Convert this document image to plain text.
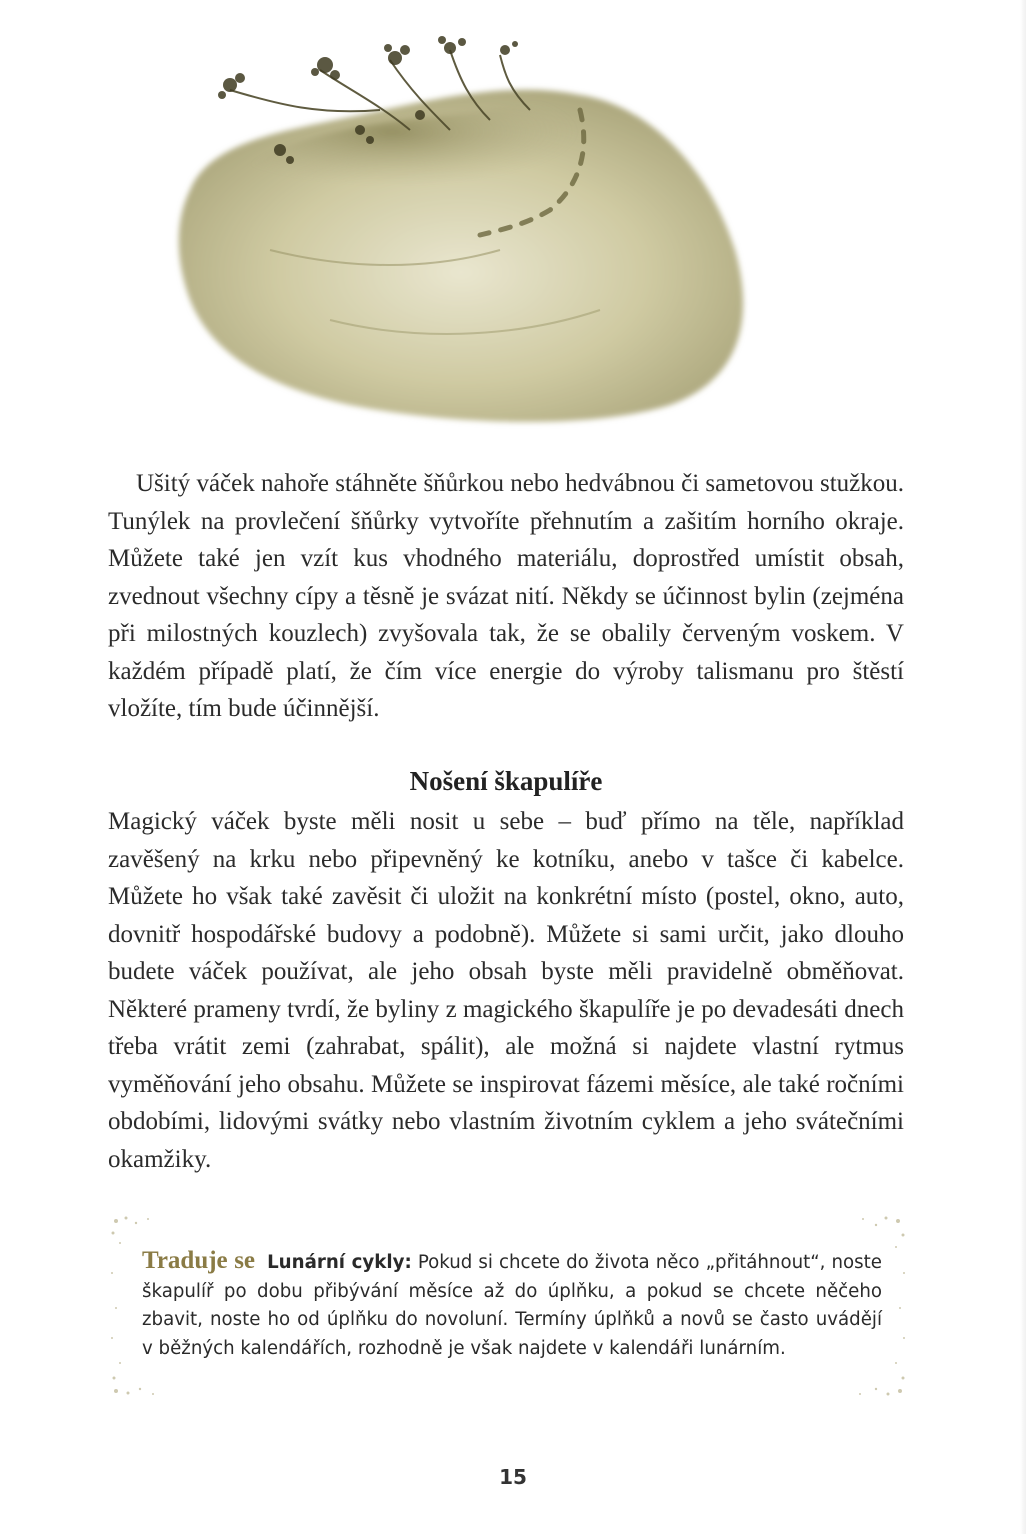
Ušitý váček nahoře stáhněte šňůrkou nebo hedvábnou či sametovou stužkou. Tunýlek na provlečení šňůrky vytvoříte přehnutím a zašitím horního okraje. Můžete také jen vzít kus vhodného materiálu, doprostřed umístit obsah, zvednout všechny cípy a těsně je svázat nití. Někdy se účinnost bylin (zejména při milostných kouzlech) zvyšovala tak, že se obalily červeným voskem. V každém případě platí, že čím více energie do výroby talismanu pro štěstí vložíte, tím bude účinnější.

Nošení škapulíře

Magický váček byste měli nosit u sebe – buď přímo na těle, například zavěšený na krku nebo připevněný ke kotníku, anebo v tašce či kabelce. Můžete ho však také zavěsit či uložit na konkrétní místo (postel, okno, auto, dovnitř hospodářské budovy a podobně). Můžete si sami určit, jako dlouho budete váček používat, ale jeho obsah byste měli pravidelně obměňovat. Některé prameny tvrdí, že byliny z magického škapulíře je po devadesáti dnech třeba vrátit zemi (zahrabat, spálit), ale možná si najdete vlastní rytmus vyměňování jeho obsahu. Můžete se inspirovat fázemi měsíce, ale také ročními obdobími, lidovými svátky nebo vlastním životním cyklem a jeho svátečními okamžiky.

Traduje se Lunární cykly: Pokud si chcete do života něco „přitáhnout“, noste škapulíř po dobu přibývání měsíce až do úplňku, a pokud se chcete něčeho zbavit, noste ho od úplňku do novoluní. Termíny úplňků a novů se často uvádějí v běžných kalendářích, rozhodně je však najdete v kalendáři lunárním.
15
